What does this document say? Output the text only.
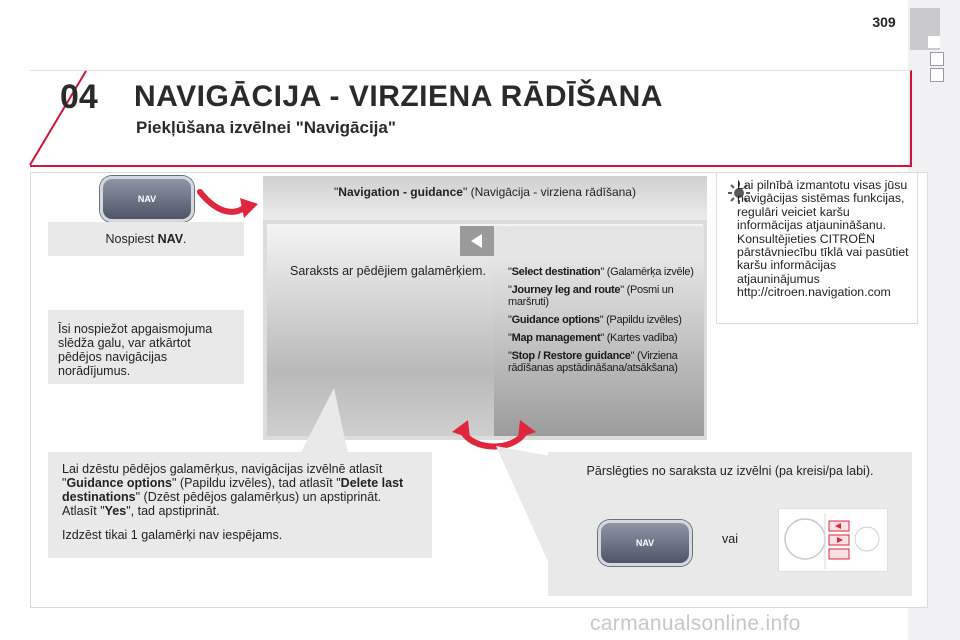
309
04 NAVIGĀCIJA - VIRZIENA RĀDĪŠANA
Piekļūšana izvēlnei "Navigācija"
NAV
Nospiest NAV.
Īsi nospiežot apgaismojuma slēdža galu, var atkārtot pēdējos navigācijas norādījumus.
"Navigation - guidance" (Navigācija - virziena rādīšana)
Saraksts ar pēdējiem galamērķiem.	"Select destination" (Galamērķa izvēle)
"Journey leg and route" (Posmi un maršruti)
"Guidance options" (Papildu izvēles)
"Map management" (Kartes vadība)
"Stop / Restore guidance" (Virziena rādīšanas apstādināšana/atsākšana)
Lai pilnībā izmantotu visas jūsu navigācijas sistēmas funkcijas, regulāri veiciet karšu informācijas atjaunināšanu. Konsultējieties CITROËN pārstāvniecību tīklā vai pasūtiet karšu informācijas atjauninājumus http://citroen.navigation.com
Lai dzēstu pēdējos galamērķus, navigācijas izvēlnē atlasīt "Guidance options" (Papildu izvēles), tad atlasīt "Delete last destinations" (Dzēst pēdējos galamērķus) un apstiprināt. Atlasīt "Yes", tad apstiprināt.
Izdzēst tikai 1 galamērķi nav iespējams.
Pārslēgties no saraksta uz izvēlni (pa kreisi/pa labi).
vai
NAV
carmanualsonline.info
